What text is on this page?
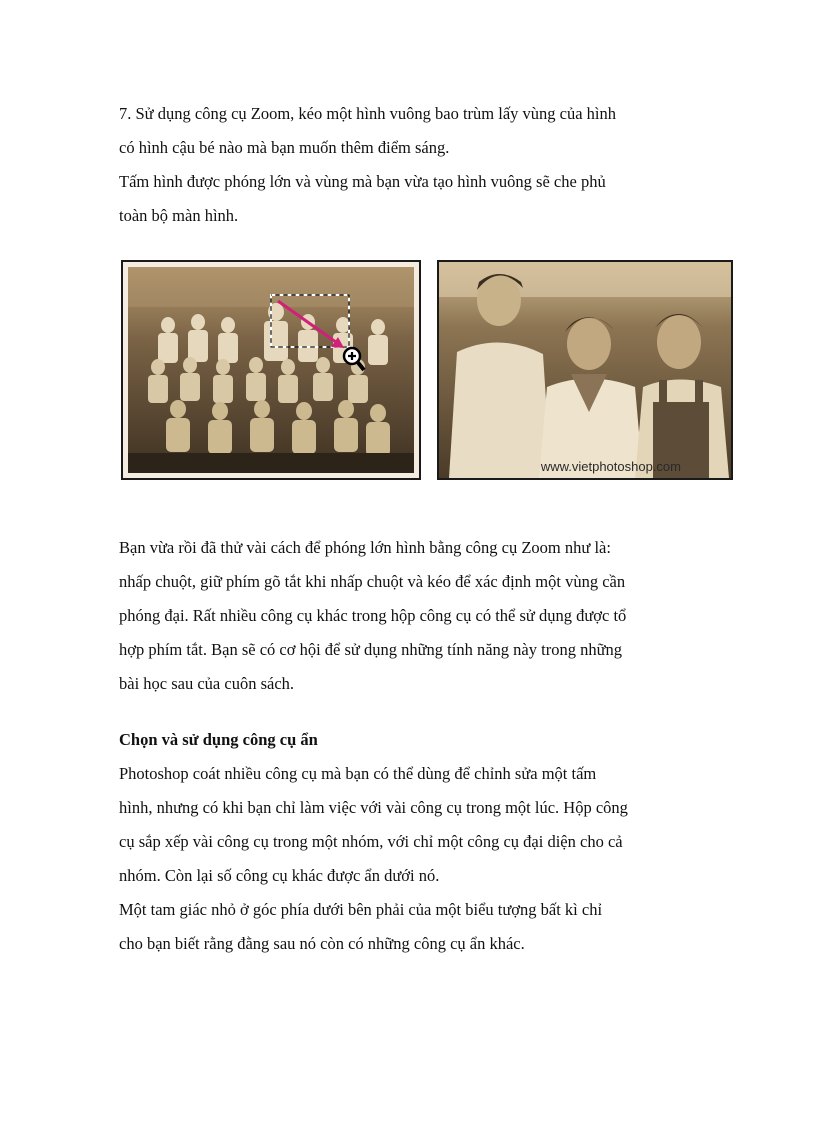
7. Sử dụng công cụ Zoom, kéo một hình vuông bao trùm lấy vùng của hình
có hình cậu bé nào mà bạn muốn thêm điểm sáng.
Tấm hình được phóng lớn và vùng mà bạn vừa tạo hình vuông sẽ che phủ
toàn bộ màn hình.
www.vietphotoshop.com
Bạn vừa rồi đã thử vài cách để phóng lớn hình bằng công cụ Zoom như là:
nhấp chuột, giữ phím gõ tắt khi nhấp chuột và kéo để xác định một vùng cần
phóng đại. Rất nhiều công cụ khác trong hộp công cụ có thể sử dụng được tổ
hợp phím tắt. Bạn sẽ có cơ hội để sử dụng những tính năng này trong những
bài học sau của cuôn sách.
Chọn và sử dụng công cụ ẩn
Photoshop coát nhiều công cụ mà bạn có thể dùng để chỉnh sửa một tấm
hình, nhưng có khi bạn chỉ làm việc với vài công cụ trong một lúc. Hộp công
cụ sắp xếp vài công cụ trong một nhóm, với chỉ một công cụ đại diện cho cả
nhóm. Còn lại số công cụ khác được ẩn dưới nó.
Một tam giác nhỏ ở góc phía dưới bên phải của một biểu tượng bất kì chỉ
cho bạn biết rằng đằng sau nó còn có những công cụ ẩn khác.
